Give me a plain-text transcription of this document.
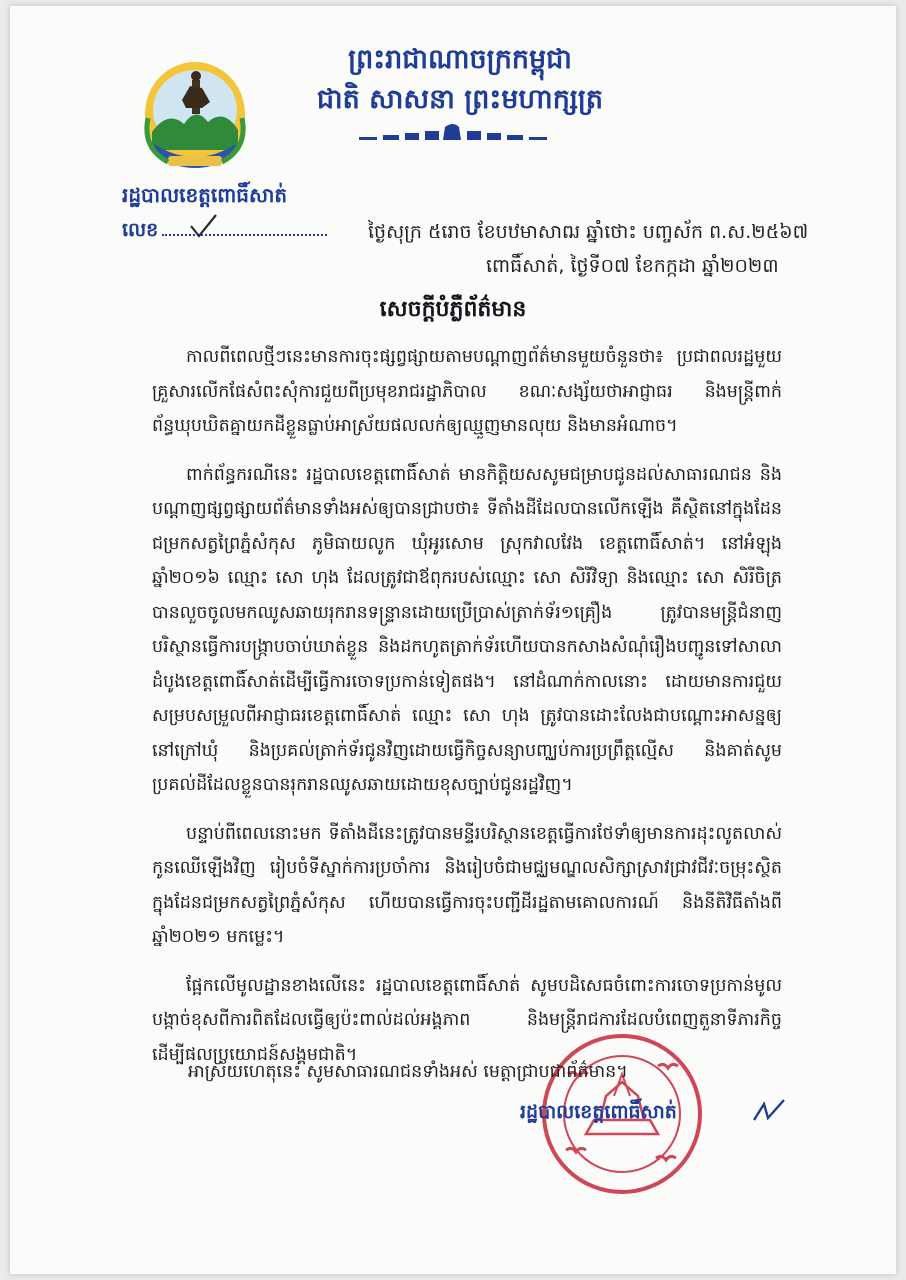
ព្រះរាជាណាចក្រកម្ពុជា
ជាតិ សាសនា ព្រះមហាក្សត្រ
រដ្ឋបាលខេត្តពោធិ៍សាត់
លេខ	ថ្ងៃសុក្រ ៥រោច ខែបឋមាសាឍ ឆ្នាំថោះ បញ្ចស័ក ព.ស.២៥៦៧
ពោធិ៍សាត់, ថ្ងៃទី០៧ ខែកក្កដា ឆ្នាំ២០២៣
សេចក្តីបំភ្លឺព័ត៌មាន

កាលពីពេលថ្មីៗនេះមានការចុះផ្សព្វផ្សាយតាមបណ្តាញព័ត៌មានមួយចំនួនថា៖ ប្រជាពលរដ្ឋមួយគ្រួសារលើកផែសំពះសុំការជួយពីប្រមុខរាជរដ្ឋាភិបាល ខណៈសង្ស័យថាអាជ្ញាធរ និងមន្ត្រីពាក់ព័ន្ធឃុបឃិតគ្នាយកដីខ្លួនធ្លាប់អាស្រ័យផលលក់ឲ្យឈ្មួញមានលុយ និងមានអំណាច។

ពាក់ព័ន្ធករណីនេះ រដ្ឋបាលខេត្តពោធិ៍សាត់ មានកិត្តិយសសូមជម្រាបជូនដល់សាធារណជន និងបណ្តាញផ្សព្វផ្សាយព័ត៌មានទាំងអស់ឲ្យបានជ្រាបថា៖ ទីតាំងដីដែលបានលើកឡើង គឺស្ថិតនៅក្នុងដែនជម្រកសត្វព្រៃភ្នំសំកុស ភូមិធាយលូក ឃុំអូរសោម ស្រុកវាលវែង ខេត្តពោធិ៍សាត់។ នៅអំឡុងឆ្នាំ២០១៦ ឈ្មោះ សោ ហុង ដែលត្រូវជាឪពុករបស់ឈ្មោះ សោ សិរីវិទ្យា និងឈ្មោះ សោ សិរីចិត្រ បានលួចចូលមកឈូសឆាយរុករានទន្ទ្រានដោយប្រើប្រាស់ត្រាក់ទ័រ១គ្រឿង ត្រូវបានមន្ត្រីជំនាញបរិស្ថានធ្វើការបង្ក្រាបចាប់ឃាត់ខ្លួន និងដកហូតត្រាក់ទ័រហើយបានកសាងសំណុំរឿងបញ្ជូនទៅសាលាដំបូងខេត្តពោធិ៍សាត់ដើម្បីធ្វើការចោទប្រកាន់ទៀតផង។ នៅដំណាក់កាលនោះ ដោយមានការជួយសម្របសម្រួលពីអាជ្ញាធរខេត្តពោធិ៍សាត់ ឈ្មោះ សោ ហុង ត្រូវបានដោះលែងជាបណ្តោះអាសន្នឲ្យនៅក្រៅឃុំ និងប្រគល់ត្រាក់ទ័រជូនវិញដោយធ្វើកិច្ចសន្យាបញ្ឈប់ការប្រព្រឹត្តល្មើស និងគាត់សូមប្រគល់ដីដែលខ្លួនបានរុករានឈូសឆាយដោយខុសច្បាប់ជូនរដ្ឋវិញ។

បន្ទាប់ពីពេលនោះមក ទីតាំងដីនេះត្រូវបានមន្ទីរបរិស្ថានខេត្តធ្វើការថែទាំឲ្យមានការដុះលូតលាស់កូនឈើឡើងវិញ រៀបចំទីស្នាក់ការប្រចាំការ និងរៀបចំជាមជ្ឈមណ្ឌលសិក្សាស្រាវជ្រាវជីវៈចម្រុះស្ថិតក្នុងដែនជម្រកសត្វព្រៃភ្នំសំកុស ហើយបានធ្វើការចុះបញ្ជីដីរដ្ឋតាមគោលការណ៍ និងនីតិវិធីតាំងពីឆ្នាំ២០២១ មកម្លេះ។

ផ្អែកលើមូលដ្ឋានខាងលើនេះ រដ្ឋបាលខេត្តពោធិ៍សាត់ សូមបដិសេធចំពោះការចោទប្រកាន់មូលបង្កាច់ខុសពីការពិតដែលធ្វើឲ្យប៉ះពាល់ដល់អង្គភាព និងមន្ត្រីរាជការដែលបំពេញតួនាទីភារកិច្ចដើម្បីផលប្រយោជន៍សង្គមជាតិ។

អាស្រ័យហេតុនេះ សូមសាធារណជនទាំងអស់ មេត្តាជ្រាបជាព័ត៌មាន។
រដ្ឋបាលខេត្តពោធិ៍សាត់
